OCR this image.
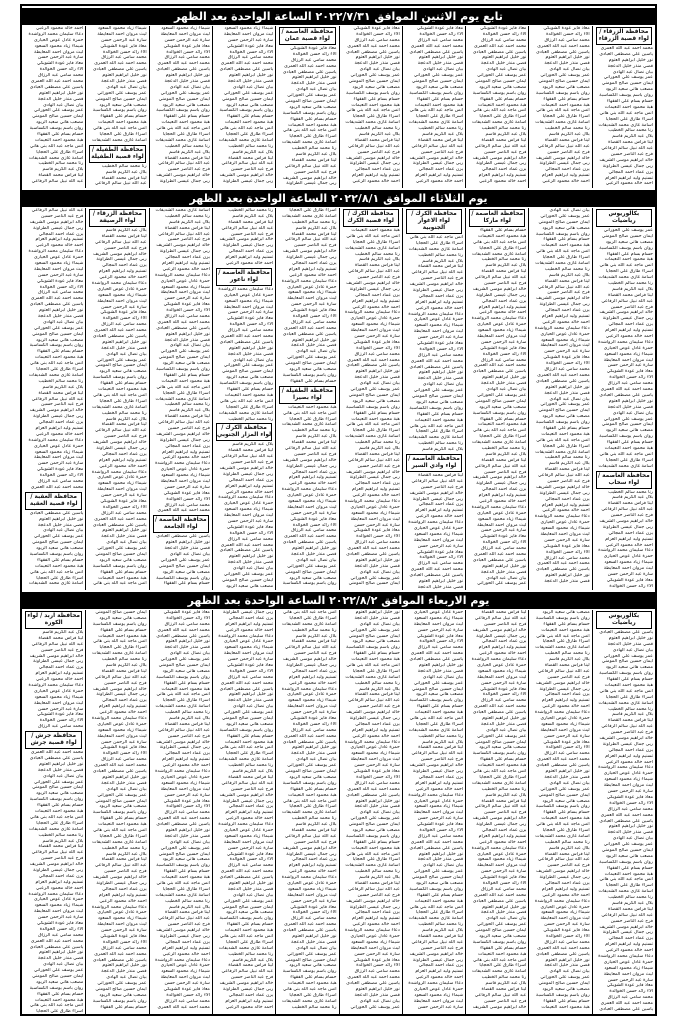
تابع يوم الاثنين الموافق ٢٠٢٢/٧/٣١ الساعة الواحدة بعد الظهر
محافظة الزرقاء / لواء قصبة الزرقاء
محمد احمد عبد الله العمري
ياسين علي مصطفى العبادي
نور خليل ابراهيم العتوم
قصي منذر خليل الدعجة
بيان نضال عبد الهادي
عمر يوسف علي الحوراني
ايمان حسين صالح المومني
مصعب هاني سعيد الزيود
روان باسم يوسف الكساسبة
حسام بسام علي الفقهاء
هبة محمود احمد النعيمات
انس ماجد عبد الله بني هاني
اسراء طارق علي الحجايا
اسامة غازي محمد الشديفات
رنا محمد سالم الخطيب
بلال عبد الكريم قاسم
لينا فراس محمد القضاة
عبد الله نبيل سالم الرفاعي
فرح عبد الناصر حسين
خالد ابراهيم موسى الشريف
ربى جمال عيسى الطراونة
يزن عماد احمد المجالي
تسنيم وليد ابراهيم العزام
احمد خالد محمود الزعبي
معاذ فايز عودة الشوبكي
آلاء رائد حسن الخوالدة
محمد سامي عبد الرزاق
محمد احمد عبد الله العمري
ياسين علي مصطفى العبادي
نور خليل ابراهيم العتوم
قصي منذر خليل الدعجة
بيان نضال عبد الهادي
عمر يوسف علي الحوراني
ايمان حسين صالح المومني
مصعب هاني سعيد الزيود
روان باسم يوسف الكساسبة
حسام بسام علي الفقهاء
هبة محمود احمد النعيمات
انس ماجد عبد الله بني هاني
اسراء طارق علي الحجايا
اسامة غازي محمد الشديفات
رنا محمد سالم الخطيب
بلال عبد الكريم قاسم
لينا فراس محمد القضاة
عبد الله نبيل سالم الرفاعي
فرح عبد الناصر حسين
خالد ابراهيم موسى الشريف
ربى جمال عيسى الطراونة
يزن عماد احمد المجالي
تسنيم وليد ابراهيم العزام
احمد خالد محمود الزعبي
معاذ فايز عودة الشوبكي
آلاء رائد حسن الخوالدة
محمد سامي عبد الرزاق
محمد احمد عبد الله العمري
ياسين علي مصطفى العبادي
نور خليل ابراهيم العتوم
قصي منذر خليل الدعجة
بيان نضال عبد الهادي
عمر يوسف علي الحوراني
ايمان حسين صالح المومني
مصعب هاني سعيد الزيود
روان باسم يوسف الكساسبة
حسام بسام علي الفقهاء
هبة محمود احمد النعيمات
انس ماجد عبد الله بني هاني
اسراء طارق علي الحجايا
اسامة غازي محمد الشديفات
رنا محمد سالم الخطيب
بلال عبد الكريم قاسم
لينا فراس محمد القضاة
عبد الله نبيل سالم الرفاعي
فرح عبد الناصر حسين
خالد ابراهيم موسى الشريف
ربى جمال عيسى الطراونة
يزن عماد احمد المجالي
تسنيم وليد ابراهيم العزام
احمد خالد محمود الزعبي
معاذ فايز عودة الشوبكي
آلاء رائد حسن الخوالدة
محمد سامي عبد الرزاق
محمد احمد عبد الله العمري
ياسين علي مصطفى العبادي
نور خليل ابراهيم العتوم
قصي منذر خليل الدعجة
بيان نضال عبد الهادي
عمر يوسف علي الحوراني
ايمان حسين صالح المومني
مصعب هاني سعيد الزيود
روان باسم يوسف الكساسبة
حسام بسام علي الفقهاء
هبة محمود احمد النعيمات
انس ماجد عبد الله بني هاني
اسراء طارق علي الحجايا
اسامة غازي محمد الشديفات
رنا محمد سالم الخطيب
بلال عبد الكريم قاسم
لينا فراس محمد القضاة
عبد الله نبيل سالم الرفاعي
فرح عبد الناصر حسين
خالد ابراهيم موسى الشريف
ربى جمال عيسى الطراونة
يزن عماد احمد المجالي
تسنيم وليد ابراهيم العزام
احمد خالد محمود الزعبي
معاذ فايز عودة الشوبكي
آلاء رائد حسن الخوالدة
محمد سامي عبد الرزاق
محمد احمد عبد الله العمري
ياسين علي مصطفى العبادي
نور خليل ابراهيم العتوم
قصي منذر خليل الدعجة
بيان نضال عبد الهادي
عمر يوسف علي الحوراني
ايمان حسين صالح المومني
مصعب هاني سعيد الزيود
روان باسم يوسف الكساسبة
حسام بسام علي الفقهاء
هبة محمود احمد النعيمات
انس ماجد عبد الله بني هاني
اسراء طارق علي الحجايا
اسامة غازي محمد الشديفات
رنا محمد سالم الخطيب
بلال عبد الكريم قاسم
لينا فراس محمد القضاة
عبد الله نبيل سالم الرفاعي
فرح عبد الناصر حسين
خالد ابراهيم موسى الشريف
ربى جمال عيسى الطراونة
يزن عماد احمد المجالي
تسنيم وليد ابراهيم العزام
احمد خالد محمود الزعبي
محافظة العاصمة / لواء قصبة عمان
معاذ فايز عودة الشوبكي
آلاء رائد حسن الخوالدة
محمد سامي عبد الرزاق
محمد احمد عبد الله العمري
ياسين علي مصطفى العبادي
نور خليل ابراهيم العتوم
قصي منذر خليل الدعجة
بيان نضال عبد الهادي
عمر يوسف علي الحوراني
ايمان حسين صالح المومني
مصعب هاني سعيد الزيود
روان باسم يوسف الكساسبة
حسام بسام علي الفقهاء
هبة محمود احمد النعيمات
انس ماجد عبد الله بني هاني
اسراء طارق علي الحجايا
اسامة غازي محمد الشديفات
رنا محمد سالم الخطيب
بلال عبد الكريم قاسم
لينا فراس محمد القضاة
عبد الله نبيل سالم الرفاعي
فرح عبد الناصر حسين
خالد ابراهيم موسى الشريف
ربى جمال عيسى الطراونة
شيماء زياد محمود السعود
ليث مروان احمد المعايطة
سارة عبد الرحمن حسن
معاذ فايز عودة الشوبكي
آلاء رائد حسن الخوالدة
محمد سامي عبد الرزاق
محمد احمد عبد الله العمري
ياسين علي مصطفى العبادي
نور خليل ابراهيم العتوم
قصي منذر خليل الدعجة
بيان نضال عبد الهادي
عمر يوسف علي الحوراني
ايمان حسين صالح المومني
مصعب هاني سعيد الزيود
روان باسم يوسف الكساسبة
حسام بسام علي الفقهاء
هبة محمود احمد النعيمات
انس ماجد عبد الله بني هاني
اسراء طارق علي الحجايا
اسامة غازي محمد الشديفات
رنا محمد سالم الخطيب
بلال عبد الكريم قاسم
لينا فراس محمد القضاة
عبد الله نبيل سالم الرفاعي
فرح عبد الناصر حسين
خالد ابراهيم موسى الشريف
ربى جمال عيسى الطراونة
شيماء زياد محمود السعود
ليث مروان احمد المعايطة
سارة عبد الرحمن حسن
معاذ فايز عودة الشوبكي
آلاء رائد حسن الخوالدة
محمد سامي عبد الرزاق
محمد احمد عبد الله العمري
ياسين علي مصطفى العبادي
نور خليل ابراهيم العتوم
قصي منذر خليل الدعجة
بيان نضال عبد الهادي
عمر يوسف علي الحوراني
ايمان حسين صالح المومني
مصعب هاني سعيد الزيود
روان باسم يوسف الكساسبة
حسام بسام علي الفقهاء
هبة محمود احمد النعيمات
انس ماجد عبد الله بني هاني
اسراء طارق علي الحجايا
اسامة غازي محمد الشديفات
رنا محمد سالم الخطيب
بلال عبد الكريم قاسم
لينا فراس محمد القضاة
عبد الله نبيل سالم الرفاعي
فرح عبد الناصر حسين
خالد ابراهيم موسى الشريف
ربى جمال عيسى الطراونة
شيماء زياد محمود السعود
ليث مروان احمد المعايطة
سارة عبد الرحمن حسن
معاذ فايز عودة الشوبكي
آلاء رائد حسن الخوالدة
محمد سامي عبد الرزاق
محمد احمد عبد الله العمري
ياسين علي مصطفى العبادي
نور خليل ابراهيم العتوم
قصي منذر خليل الدعجة
بيان نضال عبد الهادي
عمر يوسف علي الحوراني
ايمان حسين صالح المومني
مصعب هاني سعيد الزيود
روان باسم يوسف الكساسبة
حسام بسام علي الفقهاء
هبة محمود احمد النعيمات
انس ماجد عبد الله بني هاني
اسراء طارق علي الحجايا
اسامة غازي محمد الشديفات
محافظة الطفيلة / لواء قصبة الطفيلة
رنا محمد سالم الخطيب
بلال عبد الكريم قاسم
لينا فراس محمد القضاة
عبد الله نبيل سالم الرفاعي
احمد خالد محمود الزعبي
دعاء سليمان محمد الرواشدة
حمزة عادل عوض الحياري
شيماء زياد محمود السعود
ليث مروان احمد المعايطة
سارة عبد الرحمن حسن
معاذ فايز عودة الشوبكي
آلاء رائد حسن الخوالدة
محمد سامي عبد الرزاق
محمد احمد عبد الله العمري
ياسين علي مصطفى العبادي
نور خليل ابراهيم العتوم
قصي منذر خليل الدعجة
بيان نضال عبد الهادي
عمر يوسف علي الحوراني
ايمان حسين صالح المومني
مصعب هاني سعيد الزيود
روان باسم يوسف الكساسبة
حسام بسام علي الفقهاء
هبة محمود احمد النعيمات
انس ماجد عبد الله بني هاني
اسراء طارق علي الحجايا
اسامة غازي محمد الشديفات
رنا محمد سالم الخطيب
بلال عبد الكريم قاسم
لينا فراس محمد القضاة
عبد الله نبيل سالم الرفاعي
يوم الثلاثاء الموافق ٢٠٢٢/٨/١ الساعة الواحدة بعد الظهر
بكالوريوس رياضيات
عمر يوسف علي الحوراني
ايمان حسين صالح المومني
مصعب هاني سعيد الزيود
روان باسم يوسف الكساسبة
حسام بسام علي الفقهاء
هبة محمود احمد النعيمات
انس ماجد عبد الله بني هاني
اسراء طارق علي الحجايا
اسامة غازي محمد الشديفات
رنا محمد سالم الخطيب
بلال عبد الكريم قاسم
لينا فراس محمد القضاة
عبد الله نبيل سالم الرفاعي
فرح عبد الناصر حسين
خالد ابراهيم موسى الشريف
ربى جمال عيسى الطراونة
يزن عماد احمد المجالي
تسنيم وليد ابراهيم العزام
احمد خالد محمود الزعبي
دعاء سليمان محمد الرواشدة
حمزة عادل عوض الحياري
شيماء زياد محمود السعود
ليث مروان احمد المعايطة
سارة عبد الرحمن حسن
معاذ فايز عودة الشوبكي
آلاء رائد حسن الخوالدة
محمد سامي عبد الرزاق
محمد احمد عبد الله العمري
ياسين علي مصطفى العبادي
نور خليل ابراهيم العتوم
قصي منذر خليل الدعجة
بيان نضال عبد الهادي
عمر يوسف علي الحوراني
ايمان حسين صالح المومني
مصعب هاني سعيد الزيود
روان باسم يوسف الكساسبة
حسام بسام علي الفقهاء
هبة محمود احمد النعيمات
انس ماجد عبد الله بني هاني
اسراء طارق علي الحجايا
اسامة غازي محمد الشديفات
محافظة العاصمة / لواء سحاب
رنا محمد سالم الخطيب
بلال عبد الكريم قاسم
لينا فراس محمد القضاة
عبد الله نبيل سالم الرفاعي
فرح عبد الناصر حسين
خالد ابراهيم موسى الشريف
ربى جمال عيسى الطراونة
يزن عماد احمد المجالي
تسنيم وليد ابراهيم العزام
احمد خالد محمود الزعبي
دعاء سليمان محمد الرواشدة
حمزة عادل عوض الحياري
شيماء زياد محمود السعود
ليث مروان احمد المعايطة
سارة عبد الرحمن حسن
معاذ فايز عودة الشوبكي
آلاء رائد حسن الخوالدة
بيان نضال عبد الهادي
عمر يوسف علي الحوراني
ايمان حسين صالح المومني
مصعب هاني سعيد الزيود
روان باسم يوسف الكساسبة
حسام بسام علي الفقهاء
هبة محمود احمد النعيمات
انس ماجد عبد الله بني هاني
اسراء طارق علي الحجايا
اسامة غازي محمد الشديفات
رنا محمد سالم الخطيب
بلال عبد الكريم قاسم
لينا فراس محمد القضاة
عبد الله نبيل سالم الرفاعي
فرح عبد الناصر حسين
خالد ابراهيم موسى الشريف
ربى جمال عيسى الطراونة
يزن عماد احمد المجالي
تسنيم وليد ابراهيم العزام
احمد خالد محمود الزعبي
دعاء سليمان محمد الرواشدة
حمزة عادل عوض الحياري
شيماء زياد محمود السعود
ليث مروان احمد المعايطة
سارة عبد الرحمن حسن
معاذ فايز عودة الشوبكي
آلاء رائد حسن الخوالدة
محمد سامي عبد الرزاق
محمد احمد عبد الله العمري
ياسين علي مصطفى العبادي
نور خليل ابراهيم العتوم
قصي منذر خليل الدعجة
بيان نضال عبد الهادي
عمر يوسف علي الحوراني
ايمان حسين صالح المومني
مصعب هاني سعيد الزيود
روان باسم يوسف الكساسبة
حسام بسام علي الفقهاء
هبة محمود احمد النعيمات
انس ماجد عبد الله بني هاني
اسراء طارق علي الحجايا
اسامة غازي محمد الشديفات
رنا محمد سالم الخطيب
بلال عبد الكريم قاسم
لينا فراس محمد القضاة
عبد الله نبيل سالم الرفاعي
فرح عبد الناصر حسين
خالد ابراهيم موسى الشريف
ربى جمال عيسى الطراونة
يزن عماد احمد المجالي
تسنيم وليد ابراهيم العزام
احمد خالد محمود الزعبي
دعاء سليمان محمد الرواشدة
حمزة عادل عوض الحياري
شيماء زياد محمود السعود
ليث مروان احمد المعايطة
سارة عبد الرحمن حسن
معاذ فايز عودة الشوبكي
آلاء رائد حسن الخوالدة
محمد سامي عبد الرزاق
محمد احمد عبد الله العمري
ياسين علي مصطفى العبادي
نور خليل ابراهيم العتوم
قصي منذر خليل الدعجة
محافظة العاصمة / لواء ماركا
حسام بسام علي الفقهاء
هبة محمود احمد النعيمات
انس ماجد عبد الله بني هاني
اسراء طارق علي الحجايا
اسامة غازي محمد الشديفات
رنا محمد سالم الخطيب
بلال عبد الكريم قاسم
لينا فراس محمد القضاة
عبد الله نبيل سالم الرفاعي
فرح عبد الناصر حسين
خالد ابراهيم موسى الشريف
ربى جمال عيسى الطراونة
يزن عماد احمد المجالي
تسنيم وليد ابراهيم العزام
احمد خالد محمود الزعبي
دعاء سليمان محمد الرواشدة
حمزة عادل عوض الحياري
شيماء زياد محمود السعود
ليث مروان احمد المعايطة
سارة عبد الرحمن حسن
معاذ فايز عودة الشوبكي
آلاء رائد حسن الخوالدة
محمد سامي عبد الرزاق
محمد احمد عبد الله العمري
ياسين علي مصطفى العبادي
نور خليل ابراهيم العتوم
قصي منذر خليل الدعجة
بيان نضال عبد الهادي
عمر يوسف علي الحوراني
ايمان حسين صالح المومني
مصعب هاني سعيد الزيود
روان باسم يوسف الكساسبة
حسام بسام علي الفقهاء
هبة محمود احمد النعيمات
انس ماجد عبد الله بني هاني
اسراء طارق علي الحجايا
اسامة غازي محمد الشديفات
رنا محمد سالم الخطيب
بلال عبد الكريم قاسم
لينا فراس محمد القضاة
عبد الله نبيل سالم الرفاعي
فرح عبد الناصر حسين
خالد ابراهيم موسى الشريف
ربى جمال عيسى الطراونة
يزن عماد احمد المجالي
تسنيم وليد ابراهيم العزام
احمد خالد محمود الزعبي
دعاء سليمان محمد الرواشدة
حمزة عادل عوض الحياري
شيماء زياد محمود السعود
ليث مروان احمد المعايطة
سارة عبد الرحمن حسن
معاذ فايز عودة الشوبكي
آلاء رائد حسن الخوالدة
محمد سامي عبد الرزاق
محمد احمد عبد الله العمري
ياسين علي مصطفى العبادي
نور خليل ابراهيم العتوم
قصي منذر خليل الدعجة
بيان نضال عبد الهادي
عمر يوسف علي الحوراني
محافظة الكرك / لواء الاغوار الجنوبية
انس ماجد عبد الله بني هاني
اسراء طارق علي الحجايا
اسامة غازي محمد الشديفات
رنا محمد سالم الخطيب
بلال عبد الكريم قاسم
لينا فراس محمد القضاة
عبد الله نبيل سالم الرفاعي
فرح عبد الناصر حسين
خالد ابراهيم موسى الشريف
ربى جمال عيسى الطراونة
يزن عماد احمد المجالي
تسنيم وليد ابراهيم العزام
احمد خالد محمود الزعبي
دعاء سليمان محمد الرواشدة
حمزة عادل عوض الحياري
شيماء زياد محمود السعود
ليث مروان احمد المعايطة
سارة عبد الرحمن حسن
معاذ فايز عودة الشوبكي
آلاء رائد حسن الخوالدة
محمد سامي عبد الرزاق
محمد احمد عبد الله العمري
ياسين علي مصطفى العبادي
نور خليل ابراهيم العتوم
قصي منذر خليل الدعجة
بيان نضال عبد الهادي
عمر يوسف علي الحوراني
ايمان حسين صالح المومني
مصعب هاني سعيد الزيود
روان باسم يوسف الكساسبة
حسام بسام علي الفقهاء
هبة محمود احمد النعيمات
انس ماجد عبد الله بني هاني
اسراء طارق علي الحجايا
اسامة غازي محمد الشديفات
رنا محمد سالم الخطيب
بلال عبد الكريم قاسم
محافظة العاصمة / لواء وادي السير
لينا فراس محمد القضاة
عبد الله نبيل سالم الرفاعي
فرح عبد الناصر حسين
خالد ابراهيم موسى الشريف
ربى جمال عيسى الطراونة
يزن عماد احمد المجالي
تسنيم وليد ابراهيم العزام
احمد خالد محمود الزعبي
دعاء سليمان محمد الرواشدة
حمزة عادل عوض الحياري
شيماء زياد محمود السعود
ليث مروان احمد المعايطة
سارة عبد الرحمن حسن
معاذ فايز عودة الشوبكي
آلاء رائد حسن الخوالدة
محمد سامي عبد الرزاق
محمد احمد عبد الله العمري
ياسين علي مصطفى العبادي
نور خليل ابراهيم العتوم
قصي منذر خليل الدعجة
محافظة الكرك / لواء قصبة الكرك
هبة محمود احمد النعيمات
انس ماجد عبد الله بني هاني
اسراء طارق علي الحجايا
اسامة غازي محمد الشديفات
رنا محمد سالم الخطيب
بلال عبد الكريم قاسم
لينا فراس محمد القضاة
عبد الله نبيل سالم الرفاعي
فرح عبد الناصر حسين
خالد ابراهيم موسى الشريف
ربى جمال عيسى الطراونة
يزن عماد احمد المجالي
تسنيم وليد ابراهيم العزام
احمد خالد محمود الزعبي
دعاء سليمان محمد الرواشدة
حمزة عادل عوض الحياري
شيماء زياد محمود السعود
ليث مروان احمد المعايطة
سارة عبد الرحمن حسن
معاذ فايز عودة الشوبكي
آلاء رائد حسن الخوالدة
محمد سامي عبد الرزاق
محمد احمد عبد الله العمري
ياسين علي مصطفى العبادي
نور خليل ابراهيم العتوم
قصي منذر خليل الدعجة
بيان نضال عبد الهادي
عمر يوسف علي الحوراني
ايمان حسين صالح المومني
مصعب هاني سعيد الزيود
روان باسم يوسف الكساسبة
حسام بسام علي الفقهاء
هبة محمود احمد النعيمات
انس ماجد عبد الله بني هاني
اسراء طارق علي الحجايا
اسامة غازي محمد الشديفات
رنا محمد سالم الخطيب
بلال عبد الكريم قاسم
لينا فراس محمد القضاة
عبد الله نبيل سالم الرفاعي
فرح عبد الناصر حسين
خالد ابراهيم موسى الشريف
ربى جمال عيسى الطراونة
يزن عماد احمد المجالي
تسنيم وليد ابراهيم العزام
احمد خالد محمود الزعبي
دعاء سليمان محمد الرواشدة
حمزة عادل عوض الحياري
شيماء زياد محمود السعود
ليث مروان احمد المعايطة
سارة عبد الرحمن حسن
معاذ فايز عودة الشوبكي
آلاء رائد حسن الخوالدة
محمد سامي عبد الرزاق
محمد احمد عبد الله العمري
ياسين علي مصطفى العبادي
نور خليل ابراهيم العتوم
قصي منذر خليل الدعجة
بيان نضال عبد الهادي
عمر يوسف علي الحوراني
ايمان حسين صالح المومني
اسراء طارق علي الحجايا
اسامة غازي محمد الشديفات
رنا محمد سالم الخطيب
بلال عبد الكريم قاسم
لينا فراس محمد القضاة
عبد الله نبيل سالم الرفاعي
فرح عبد الناصر حسين
خالد ابراهيم موسى الشريف
ربى جمال عيسى الطراونة
يزن عماد احمد المجالي
تسنيم وليد ابراهيم العزام
احمد خالد محمود الزعبي
دعاء سليمان محمد الرواشدة
حمزة عادل عوض الحياري
شيماء زياد محمود السعود
ليث مروان احمد المعايطة
سارة عبد الرحمن حسن
معاذ فايز عودة الشوبكي
آلاء رائد حسن الخوالدة
محمد سامي عبد الرزاق
محمد احمد عبد الله العمري
ياسين علي مصطفى العبادي
نور خليل ابراهيم العتوم
قصي منذر خليل الدعجة
بيان نضال عبد الهادي
عمر يوسف علي الحوراني
ايمان حسين صالح المومني
مصعب هاني سعيد الزيود
روان باسم يوسف الكساسبة
حسام بسام علي الفقهاء
محافظة الطفيلة / لواء بصيرا
هبة محمود احمد النعيمات
انس ماجد عبد الله بني هاني
اسراء طارق علي الحجايا
اسامة غازي محمد الشديفات
رنا محمد سالم الخطيب
بلال عبد الكريم قاسم
لينا فراس محمد القضاة
عبد الله نبيل سالم الرفاعي
فرح عبد الناصر حسين
خالد ابراهيم موسى الشريف
ربى جمال عيسى الطراونة
يزن عماد احمد المجالي
تسنيم وليد ابراهيم العزام
احمد خالد محمود الزعبي
دعاء سليمان محمد الرواشدة
حمزة عادل عوض الحياري
شيماء زياد محمود السعود
ليث مروان احمد المعايطة
سارة عبد الرحمن حسن
معاذ فايز عودة الشوبكي
آلاء رائد حسن الخوالدة
محمد سامي عبد الرزاق
محمد احمد عبد الله العمري
ياسين علي مصطفى العبادي
نور خليل ابراهيم العتوم
قصي منذر خليل الدعجة
بيان نضال عبد الهادي
عمر يوسف علي الحوراني
ايمان حسين صالح المومني
مصعب هاني سعيد الزيود
روان باسم يوسف الكساسبة
رنا محمد سالم الخطيب
بلال عبد الكريم قاسم
لينا فراس محمد القضاة
عبد الله نبيل سالم الرفاعي
فرح عبد الناصر حسين
خالد ابراهيم موسى الشريف
ربى جمال عيسى الطراونة
يزن عماد احمد المجالي
تسنيم وليد ابراهيم العزام
احمد خالد محمود الزعبي
محافظة العاصمة / لواء ناعور
دعاء سليمان محمد الرواشدة
حمزة عادل عوض الحياري
شيماء زياد محمود السعود
ليث مروان احمد المعايطة
سارة عبد الرحمن حسن
معاذ فايز عودة الشوبكي
آلاء رائد حسن الخوالدة
محمد سامي عبد الرزاق
محمد احمد عبد الله العمري
ياسين علي مصطفى العبادي
نور خليل ابراهيم العتوم
قصي منذر خليل الدعجة
بيان نضال عبد الهادي
عمر يوسف علي الحوراني
ايمان حسين صالح المومني
مصعب هاني سعيد الزيود
روان باسم يوسف الكساسبة
حسام بسام علي الفقهاء
هبة محمود احمد النعيمات
انس ماجد عبد الله بني هاني
اسراء طارق علي الحجايا
اسامة غازي محمد الشديفات
رنا محمد سالم الخطيب
محافظة الكرك / لواء المزار الجنوبي
بلال عبد الكريم قاسم
لينا فراس محمد القضاة
عبد الله نبيل سالم الرفاعي
فرح عبد الناصر حسين
خالد ابراهيم موسى الشريف
ربى جمال عيسى الطراونة
يزن عماد احمد المجالي
تسنيم وليد ابراهيم العزام
احمد خالد محمود الزعبي
دعاء سليمان محمد الرواشدة
حمزة عادل عوض الحياري
شيماء زياد محمود السعود
ليث مروان احمد المعايطة
سارة عبد الرحمن حسن
معاذ فايز عودة الشوبكي
آلاء رائد حسن الخوالدة
محمد سامي عبد الرزاق
محمد احمد عبد الله العمري
ياسين علي مصطفى العبادي
نور خليل ابراهيم العتوم
قصي منذر خليل الدعجة
بيان نضال عبد الهادي
عمر يوسف علي الحوراني
ايمان حسين صالح المومني
مصعب هاني سعيد الزيود
اسامة غازي محمد الشديفات
رنا محمد سالم الخطيب
بلال عبد الكريم قاسم
لينا فراس محمد القضاة
عبد الله نبيل سالم الرفاعي
فرح عبد الناصر حسين
خالد ابراهيم موسى الشريف
ربى جمال عيسى الطراونة
يزن عماد احمد المجالي
تسنيم وليد ابراهيم العزام
احمد خالد محمود الزعبي
دعاء سليمان محمد الرواشدة
حمزة عادل عوض الحياري
شيماء زياد محمود السعود
ليث مروان احمد المعايطة
سارة عبد الرحمن حسن
معاذ فايز عودة الشوبكي
آلاء رائد حسن الخوالدة
محمد سامي عبد الرزاق
محمد احمد عبد الله العمري
ياسين علي مصطفى العبادي
نور خليل ابراهيم العتوم
قصي منذر خليل الدعجة
بيان نضال عبد الهادي
عمر يوسف علي الحوراني
ايمان حسين صالح المومني
مصعب هاني سعيد الزيود
روان باسم يوسف الكساسبة
حسام بسام علي الفقهاء
هبة محمود احمد النعيمات
انس ماجد عبد الله بني هاني
اسراء طارق علي الحجايا
اسامة غازي محمد الشديفات
رنا محمد سالم الخطيب
بلال عبد الكريم قاسم
لينا فراس محمد القضاة
عبد الله نبيل سالم الرفاعي
فرح عبد الناصر حسين
خالد ابراهيم موسى الشريف
ربى جمال عيسى الطراونة
يزن عماد احمد المجالي
تسنيم وليد ابراهيم العزام
احمد خالد محمود الزعبي
دعاء سليمان محمد الرواشدة
حمزة عادل عوض الحياري
شيماء زياد محمود السعود
ليث مروان احمد المعايطة
سارة عبد الرحمن حسن
معاذ فايز عودة الشوبكي
آلاء رائد حسن الخوالدة
محمد سامي عبد الرزاق
محمد احمد عبد الله العمري
محافظة العاصمة / لواء الجامعة
ياسين علي مصطفى العبادي
نور خليل ابراهيم العتوم
قصي منذر خليل الدعجة
بيان نضال عبد الهادي
عمر يوسف علي الحوراني
ايمان حسين صالح المومني
مصعب هاني سعيد الزيود
روان باسم يوسف الكساسبة
حسام بسام علي الفقهاء
محافظة الزرقاء / لواء الرصيفة
بلال عبد الكريم قاسم
لينا فراس محمد القضاة
عبد الله نبيل سالم الرفاعي
فرح عبد الناصر حسين
خالد ابراهيم موسى الشريف
ربى جمال عيسى الطراونة
يزن عماد احمد المجالي
تسنيم وليد ابراهيم العزام
احمد خالد محمود الزعبي
دعاء سليمان محمد الرواشدة
حمزة عادل عوض الحياري
شيماء زياد محمود السعود
ليث مروان احمد المعايطة
سارة عبد الرحمن حسن
معاذ فايز عودة الشوبكي
آلاء رائد حسن الخوالدة
محمد سامي عبد الرزاق
محمد احمد عبد الله العمري
ياسين علي مصطفى العبادي
نور خليل ابراهيم العتوم
قصي منذر خليل الدعجة
بيان نضال عبد الهادي
عمر يوسف علي الحوراني
ايمان حسين صالح المومني
مصعب هاني سعيد الزيود
روان باسم يوسف الكساسبة
حسام بسام علي الفقهاء
هبة محمود احمد النعيمات
انس ماجد عبد الله بني هاني
اسراء طارق علي الحجايا
اسامة غازي محمد الشديفات
رنا محمد سالم الخطيب
بلال عبد الكريم قاسم
لينا فراس محمد القضاة
عبد الله نبيل سالم الرفاعي
فرح عبد الناصر حسين
خالد ابراهيم موسى الشريف
ربى جمال عيسى الطراونة
يزن عماد احمد المجالي
تسنيم وليد ابراهيم العزام
احمد خالد محمود الزعبي
دعاء سليمان محمد الرواشدة
حمزة عادل عوض الحياري
شيماء زياد محمود السعود
ليث مروان احمد المعايطة
سارة عبد الرحمن حسن
معاذ فايز عودة الشوبكي
آلاء رائد حسن الخوالدة
محمد سامي عبد الرزاق
محمد احمد عبد الله العمري
ياسين علي مصطفى العبادي
نور خليل ابراهيم العتوم
قصي منذر خليل الدعجة
بيان نضال عبد الهادي
عمر يوسف علي الحوراني
ايمان حسين صالح المومني
مصعب هاني سعيد الزيود
روان باسم يوسف الكساسبة
حسام بسام علي الفقهاء
هبة محمود احمد النعيمات
انس ماجد عبد الله بني هاني
عبد الله نبيل سالم الرفاعي
فرح عبد الناصر حسين
خالد ابراهيم موسى الشريف
ربى جمال عيسى الطراونة
يزن عماد احمد المجالي
تسنيم وليد ابراهيم العزام
احمد خالد محمود الزعبي
دعاء سليمان محمد الرواشدة
حمزة عادل عوض الحياري
شيماء زياد محمود السعود
ليث مروان احمد المعايطة
سارة عبد الرحمن حسن
معاذ فايز عودة الشوبكي
آلاء رائد حسن الخوالدة
محمد سامي عبد الرزاق
محمد احمد عبد الله العمري
ياسين علي مصطفى العبادي
نور خليل ابراهيم العتوم
قصي منذر خليل الدعجة
بيان نضال عبد الهادي
عمر يوسف علي الحوراني
ايمان حسين صالح المومني
مصعب هاني سعيد الزيود
روان باسم يوسف الكساسبة
حسام بسام علي الفقهاء
هبة محمود احمد النعيمات
انس ماجد عبد الله بني هاني
اسراء طارق علي الحجايا
اسامة غازي محمد الشديفات
رنا محمد سالم الخطيب
بلال عبد الكريم قاسم
لينا فراس محمد القضاة
عبد الله نبيل سالم الرفاعي
فرح عبد الناصر حسين
خالد ابراهيم موسى الشريف
ربى جمال عيسى الطراونة
يزن عماد احمد المجالي
تسنيم وليد ابراهيم العزام
احمد خالد محمود الزعبي
دعاء سليمان محمد الرواشدة
حمزة عادل عوض الحياري
شيماء زياد محمود السعود
ليث مروان احمد المعايطة
سارة عبد الرحمن حسن
معاذ فايز عودة الشوبكي
آلاء رائد حسن الخوالدة
محمد سامي عبد الرزاق
محمد احمد عبد الله العمري
محافظة العقبة / لواء قصبة العقبة
ياسين علي مصطفى العبادي
نور خليل ابراهيم العتوم
قصي منذر خليل الدعجة
بيان نضال عبد الهادي
عمر يوسف علي الحوراني
ايمان حسين صالح المومني
مصعب هاني سعيد الزيود
روان باسم يوسف الكساسبة
حسام بسام علي الفقهاء
هبة محمود احمد النعيمات
انس ماجد عبد الله بني هاني
اسراء طارق علي الحجايا
اسامة غازي محمد الشديفات
يوم الاربعاء الموافق ٢٠٢٢/٨/٢ الساعة الواحدة بعد الظهر
بكالوريوس رياضيات
ياسين علي مصطفى العبادي
نور خليل ابراهيم العتوم
قصي منذر خليل الدعجة
بيان نضال عبد الهادي
عمر يوسف علي الحوراني
ايمان حسين صالح المومني
مصعب هاني سعيد الزيود
روان باسم يوسف الكساسبة
حسام بسام علي الفقهاء
هبة محمود احمد النعيمات
انس ماجد عبد الله بني هاني
اسراء طارق علي الحجايا
اسامة غازي محمد الشديفات
رنا محمد سالم الخطيب
بلال عبد الكريم قاسم
لينا فراس محمد القضاة
عبد الله نبيل سالم الرفاعي
فرح عبد الناصر حسين
خالد ابراهيم موسى الشريف
ربى جمال عيسى الطراونة
يزن عماد احمد المجالي
تسنيم وليد ابراهيم العزام
احمد خالد محمود الزعبي
دعاء سليمان محمد الرواشدة
حمزة عادل عوض الحياري
شيماء زياد محمود السعود
ليث مروان احمد المعايطة
سارة عبد الرحمن حسن
معاذ فايز عودة الشوبكي
آلاء رائد حسن الخوالدة
محمد سامي عبد الرزاق
محمد احمد عبد الله العمري
ياسين علي مصطفى العبادي
نور خليل ابراهيم العتوم
قصي منذر خليل الدعجة
بيان نضال عبد الهادي
عمر يوسف علي الحوراني
ايمان حسين صالح المومني
مصعب هاني سعيد الزيود
روان باسم يوسف الكساسبة
حسام بسام علي الفقهاء
هبة محمود احمد النعيمات
انس ماجد عبد الله بني هاني
اسراء طارق علي الحجايا
اسامة غازي محمد الشديفات
رنا محمد سالم الخطيب
بلال عبد الكريم قاسم
لينا فراس محمد القضاة
عبد الله نبيل سالم الرفاعي
فرح عبد الناصر حسين
خالد ابراهيم موسى الشريف
ربى جمال عيسى الطراونة
يزن عماد احمد المجالي
تسنيم وليد ابراهيم العزام
احمد خالد محمود الزعبي
دعاء سليمان محمد الرواشدة
حمزة عادل عوض الحياري
شيماء زياد محمود السعود
ليث مروان احمد المعايطة
سارة عبد الرحمن حسن
معاذ فايز عودة الشوبكي
آلاء رائد حسن الخوالدة
محمد سامي عبد الرزاق
محمد احمد عبد الله العمري
ياسين علي مصطفى العبادي
مصعب هاني سعيد الزيود
روان باسم يوسف الكساسبة
حسام بسام علي الفقهاء
هبة محمود احمد النعيمات
انس ماجد عبد الله بني هاني
اسراء طارق علي الحجايا
اسامة غازي محمد الشديفات
رنا محمد سالم الخطيب
بلال عبد الكريم قاسم
لينا فراس محمد القضاة
عبد الله نبيل سالم الرفاعي
فرح عبد الناصر حسين
خالد ابراهيم موسى الشريف
ربى جمال عيسى الطراونة
يزن عماد احمد المجالي
تسنيم وليد ابراهيم العزام
احمد خالد محمود الزعبي
دعاء سليمان محمد الرواشدة
حمزة عادل عوض الحياري
شيماء زياد محمود السعود
ليث مروان احمد المعايطة
سارة عبد الرحمن حسن
معاذ فايز عودة الشوبكي
آلاء رائد حسن الخوالدة
محمد سامي عبد الرزاق
محمد احمد عبد الله العمري
ياسين علي مصطفى العبادي
نور خليل ابراهيم العتوم
قصي منذر خليل الدعجة
بيان نضال عبد الهادي
عمر يوسف علي الحوراني
ايمان حسين صالح المومني
مصعب هاني سعيد الزيود
روان باسم يوسف الكساسبة
حسام بسام علي الفقهاء
هبة محمود احمد النعيمات
انس ماجد عبد الله بني هاني
اسراء طارق علي الحجايا
اسامة غازي محمد الشديفات
رنا محمد سالم الخطيب
بلال عبد الكريم قاسم
لينا فراس محمد القضاة
عبد الله نبيل سالم الرفاعي
فرح عبد الناصر حسين
خالد ابراهيم موسى الشريف
ربى جمال عيسى الطراونة
يزن عماد احمد المجالي
تسنيم وليد ابراهيم العزام
احمد خالد محمود الزعبي
دعاء سليمان محمد الرواشدة
حمزة عادل عوض الحياري
شيماء زياد محمود السعود
ليث مروان احمد المعايطة
سارة عبد الرحمن حسن
معاذ فايز عودة الشوبكي
آلاء رائد حسن الخوالدة
محمد سامي عبد الرزاق
محمد احمد عبد الله العمري
ياسين علي مصطفى العبادي
نور خليل ابراهيم العتوم
قصي منذر خليل الدعجة
بيان نضال عبد الهادي
عمر يوسف علي الحوراني
ايمان حسين صالح المومني
مصعب هاني سعيد الزيود
روان باسم يوسف الكساسبة
حسام بسام علي الفقهاء
هبة محمود احمد النعيمات
لينا فراس محمد القضاة
عبد الله نبيل سالم الرفاعي
فرح عبد الناصر حسين
خالد ابراهيم موسى الشريف
ربى جمال عيسى الطراونة
يزن عماد احمد المجالي
تسنيم وليد ابراهيم العزام
احمد خالد محمود الزعبي
دعاء سليمان محمد الرواشدة
حمزة عادل عوض الحياري
شيماء زياد محمود السعود
ليث مروان احمد المعايطة
سارة عبد الرحمن حسن
معاذ فايز عودة الشوبكي
آلاء رائد حسن الخوالدة
محمد سامي عبد الرزاق
محمد احمد عبد الله العمري
ياسين علي مصطفى العبادي
نور خليل ابراهيم العتوم
قصي منذر خليل الدعجة
بيان نضال عبد الهادي
عمر يوسف علي الحوراني
ايمان حسين صالح المومني
مصعب هاني سعيد الزيود
روان باسم يوسف الكساسبة
حسام بسام علي الفقهاء
هبة محمود احمد النعيمات
انس ماجد عبد الله بني هاني
اسراء طارق علي الحجايا
اسامة غازي محمد الشديفات
رنا محمد سالم الخطيب
بلال عبد الكريم قاسم
لينا فراس محمد القضاة
عبد الله نبيل سالم الرفاعي
فرح عبد الناصر حسين
خالد ابراهيم موسى الشريف
ربى جمال عيسى الطراونة
يزن عماد احمد المجالي
تسنيم وليد ابراهيم العزام
احمد خالد محمود الزعبي
دعاء سليمان محمد الرواشدة
حمزة عادل عوض الحياري
شيماء زياد محمود السعود
ليث مروان احمد المعايطة
سارة عبد الرحمن حسن
معاذ فايز عودة الشوبكي
آلاء رائد حسن الخوالدة
محمد سامي عبد الرزاق
محمد احمد عبد الله العمري
ياسين علي مصطفى العبادي
نور خليل ابراهيم العتوم
قصي منذر خليل الدعجة
بيان نضال عبد الهادي
عمر يوسف علي الحوراني
ايمان حسين صالح المومني
مصعب هاني سعيد الزيود
روان باسم يوسف الكساسبة
حسام بسام علي الفقهاء
هبة محمود احمد النعيمات
انس ماجد عبد الله بني هاني
اسراء طارق علي الحجايا
اسامة غازي محمد الشديفات
رنا محمد سالم الخطيب
بلال عبد الكريم قاسم
لينا فراس محمد القضاة
عبد الله نبيل سالم الرفاعي
فرح عبد الناصر حسين
خالد ابراهيم موسى الشريف
حمزة عادل عوض الحياري
شيماء زياد محمود السعود
ليث مروان احمد المعايطة
سارة عبد الرحمن حسن
معاذ فايز عودة الشوبكي
آلاء رائد حسن الخوالدة
محمد سامي عبد الرزاق
محمد احمد عبد الله العمري
ياسين علي مصطفى العبادي
نور خليل ابراهيم العتوم
قصي منذر خليل الدعجة
بيان نضال عبد الهادي
عمر يوسف علي الحوراني
ايمان حسين صالح المومني
مصعب هاني سعيد الزيود
روان باسم يوسف الكساسبة
حسام بسام علي الفقهاء
هبة محمود احمد النعيمات
انس ماجد عبد الله بني هاني
اسراء طارق علي الحجايا
اسامة غازي محمد الشديفات
رنا محمد سالم الخطيب
بلال عبد الكريم قاسم
لينا فراس محمد القضاة
عبد الله نبيل سالم الرفاعي
فرح عبد الناصر حسين
خالد ابراهيم موسى الشريف
ربى جمال عيسى الطراونة
يزن عماد احمد المجالي
تسنيم وليد ابراهيم العزام
احمد خالد محمود الزعبي
دعاء سليمان محمد الرواشدة
حمزة عادل عوض الحياري
شيماء زياد محمود السعود
ليث مروان احمد المعايطة
سارة عبد الرحمن حسن
معاذ فايز عودة الشوبكي
آلاء رائد حسن الخوالدة
محمد سامي عبد الرزاق
محمد احمد عبد الله العمري
ياسين علي مصطفى العبادي
نور خليل ابراهيم العتوم
قصي منذر خليل الدعجة
بيان نضال عبد الهادي
عمر يوسف علي الحوراني
ايمان حسين صالح المومني
مصعب هاني سعيد الزيود
روان باسم يوسف الكساسبة
حسام بسام علي الفقهاء
هبة محمود احمد النعيمات
انس ماجد عبد الله بني هاني
اسراء طارق علي الحجايا
اسامة غازي محمد الشديفات
رنا محمد سالم الخطيب
بلال عبد الكريم قاسم
لينا فراس محمد القضاة
عبد الله نبيل سالم الرفاعي
فرح عبد الناصر حسين
خالد ابراهيم موسى الشريف
ربى جمال عيسى الطراونة
يزن عماد احمد المجالي
تسنيم وليد ابراهيم العزام
احمد خالد محمود الزعبي
دعاء سليمان محمد الرواشدة
حمزة عادل عوض الحياري
شيماء زياد محمود السعود
ليث مروان احمد المعايطة
سارة عبد الرحمن حسن
نور خليل ابراهيم العتوم
قصي منذر خليل الدعجة
بيان نضال عبد الهادي
عمر يوسف علي الحوراني
ايمان حسين صالح المومني
مصعب هاني سعيد الزيود
روان باسم يوسف الكساسبة
حسام بسام علي الفقهاء
هبة محمود احمد النعيمات
انس ماجد عبد الله بني هاني
اسراء طارق علي الحجايا
اسامة غازي محمد الشديفات
رنا محمد سالم الخطيب
بلال عبد الكريم قاسم
لينا فراس محمد القضاة
عبد الله نبيل سالم الرفاعي
فرح عبد الناصر حسين
خالد ابراهيم موسى الشريف
ربى جمال عيسى الطراونة
يزن عماد احمد المجالي
تسنيم وليد ابراهيم العزام
احمد خالد محمود الزعبي
دعاء سليمان محمد الرواشدة
حمزة عادل عوض الحياري
شيماء زياد محمود السعود
ليث مروان احمد المعايطة
سارة عبد الرحمن حسن
معاذ فايز عودة الشوبكي
آلاء رائد حسن الخوالدة
محمد سامي عبد الرزاق
محمد احمد عبد الله العمري
ياسين علي مصطفى العبادي
نور خليل ابراهيم العتوم
قصي منذر خليل الدعجة
بيان نضال عبد الهادي
عمر يوسف علي الحوراني
ايمان حسين صالح المومني
مصعب هاني سعيد الزيود
روان باسم يوسف الكساسبة
حسام بسام علي الفقهاء
هبة محمود احمد النعيمات
انس ماجد عبد الله بني هاني
اسراء طارق علي الحجايا
اسامة غازي محمد الشديفات
رنا محمد سالم الخطيب
بلال عبد الكريم قاسم
لينا فراس محمد القضاة
عبد الله نبيل سالم الرفاعي
فرح عبد الناصر حسين
خالد ابراهيم موسى الشريف
ربى جمال عيسى الطراونة
يزن عماد احمد المجالي
تسنيم وليد ابراهيم العزام
احمد خالد محمود الزعبي
دعاء سليمان محمد الرواشدة
حمزة عادل عوض الحياري
شيماء زياد محمود السعود
ليث مروان احمد المعايطة
سارة عبد الرحمن حسن
معاذ فايز عودة الشوبكي
آلاء رائد حسن الخوالدة
محمد سامي عبد الرزاق
محمد احمد عبد الله العمري
ياسين علي مصطفى العبادي
نور خليل ابراهيم العتوم
قصي منذر خليل الدعجة
بيان نضال عبد الهادي
عمر يوسف علي الحوراني
انس ماجد عبد الله بني هاني
اسراء طارق علي الحجايا
اسامة غازي محمد الشديفات
رنا محمد سالم الخطيب
بلال عبد الكريم قاسم
لينا فراس محمد القضاة
عبد الله نبيل سالم الرفاعي
فرح عبد الناصر حسين
خالد ابراهيم موسى الشريف
ربى جمال عيسى الطراونة
يزن عماد احمد المجالي
تسنيم وليد ابراهيم العزام
احمد خالد محمود الزعبي
دعاء سليمان محمد الرواشدة
حمزة عادل عوض الحياري
شيماء زياد محمود السعود
ليث مروان احمد المعايطة
سارة عبد الرحمن حسن
معاذ فايز عودة الشوبكي
آلاء رائد حسن الخوالدة
محمد سامي عبد الرزاق
محمد احمد عبد الله العمري
ياسين علي مصطفى العبادي
نور خليل ابراهيم العتوم
قصي منذر خليل الدعجة
بيان نضال عبد الهادي
عمر يوسف علي الحوراني
ايمان حسين صالح المومني
مصعب هاني سعيد الزيود
روان باسم يوسف الكساسبة
حسام بسام علي الفقهاء
هبة محمود احمد النعيمات
انس ماجد عبد الله بني هاني
اسراء طارق علي الحجايا
اسامة غازي محمد الشديفات
رنا محمد سالم الخطيب
بلال عبد الكريم قاسم
لينا فراس محمد القضاة
عبد الله نبيل سالم الرفاعي
فرح عبد الناصر حسين
خالد ابراهيم موسى الشريف
ربى جمال عيسى الطراونة
يزن عماد احمد المجالي
تسنيم وليد ابراهيم العزام
احمد خالد محمود الزعبي
دعاء سليمان محمد الرواشدة
حمزة عادل عوض الحياري
شيماء زياد محمود السعود
ليث مروان احمد المعايطة
سارة عبد الرحمن حسن
معاذ فايز عودة الشوبكي
آلاء رائد حسن الخوالدة
محمد سامي عبد الرزاق
محمد احمد عبد الله العمري
ياسين علي مصطفى العبادي
نور خليل ابراهيم العتوم
قصي منذر خليل الدعجة
بيان نضال عبد الهادي
عمر يوسف علي الحوراني
ايمان حسين صالح المومني
مصعب هاني سعيد الزيود
روان باسم يوسف الكساسبة
حسام بسام علي الفقهاء
هبة محمود احمد النعيمات
انس ماجد عبد الله بني هاني
اسراء طارق علي الحجايا
اسامة غازي محمد الشديفات
رنا محمد سالم الخطيب
ربى جمال عيسى الطراونة
يزن عماد احمد المجالي
تسنيم وليد ابراهيم العزام
احمد خالد محمود الزعبي
دعاء سليمان محمد الرواشدة
حمزة عادل عوض الحياري
شيماء زياد محمود السعود
ليث مروان احمد المعايطة
سارة عبد الرحمن حسن
معاذ فايز عودة الشوبكي
آلاء رائد حسن الخوالدة
محمد سامي عبد الرزاق
محمد احمد عبد الله العمري
ياسين علي مصطفى العبادي
نور خليل ابراهيم العتوم
قصي منذر خليل الدعجة
بيان نضال عبد الهادي
عمر يوسف علي الحوراني
ايمان حسين صالح المومني
مصعب هاني سعيد الزيود
روان باسم يوسف الكساسبة
حسام بسام علي الفقهاء
هبة محمود احمد النعيمات
انس ماجد عبد الله بني هاني
اسراء طارق علي الحجايا
اسامة غازي محمد الشديفات
رنا محمد سالم الخطيب
بلال عبد الكريم قاسم
لينا فراس محمد القضاة
عبد الله نبيل سالم الرفاعي
فرح عبد الناصر حسين
خالد ابراهيم موسى الشريف
ربى جمال عيسى الطراونة
يزن عماد احمد المجالي
تسنيم وليد ابراهيم العزام
احمد خالد محمود الزعبي
دعاء سليمان محمد الرواشدة
حمزة عادل عوض الحياري
شيماء زياد محمود السعود
ليث مروان احمد المعايطة
سارة عبد الرحمن حسن
معاذ فايز عودة الشوبكي
آلاء رائد حسن الخوالدة
محمد سامي عبد الرزاق
محمد احمد عبد الله العمري
ياسين علي مصطفى العبادي
نور خليل ابراهيم العتوم
قصي منذر خليل الدعجة
بيان نضال عبد الهادي
عمر يوسف علي الحوراني
ايمان حسين صالح المومني
مصعب هاني سعيد الزيود
روان باسم يوسف الكساسبة
حسام بسام علي الفقهاء
هبة محمود احمد النعيمات
انس ماجد عبد الله بني هاني
اسراء طارق علي الحجايا
اسامة غازي محمد الشديفات
رنا محمد سالم الخطيب
بلال عبد الكريم قاسم
لينا فراس محمد القضاة
عبد الله نبيل سالم الرفاعي
فرح عبد الناصر حسين
خالد ابراهيم موسى الشريف
ربى جمال عيسى الطراونة
يزن عماد احمد المجالي
تسنيم وليد ابراهيم العزام
احمد خالد محمود الزعبي
معاذ فايز عودة الشوبكي
آلاء رائد حسن الخوالدة
محمد سامي عبد الرزاق
محمد احمد عبد الله العمري
ياسين علي مصطفى العبادي
نور خليل ابراهيم العتوم
قصي منذر خليل الدعجة
بيان نضال عبد الهادي
عمر يوسف علي الحوراني
ايمان حسين صالح المومني
مصعب هاني سعيد الزيود
روان باسم يوسف الكساسبة
حسام بسام علي الفقهاء
هبة محمود احمد النعيمات
انس ماجد عبد الله بني هاني
اسراء طارق علي الحجايا
اسامة غازي محمد الشديفات
رنا محمد سالم الخطيب
بلال عبد الكريم قاسم
لينا فراس محمد القضاة
عبد الله نبيل سالم الرفاعي
فرح عبد الناصر حسين
خالد ابراهيم موسى الشريف
ربى جمال عيسى الطراونة
يزن عماد احمد المجالي
تسنيم وليد ابراهيم العزام
احمد خالد محمود الزعبي
دعاء سليمان محمد الرواشدة
حمزة عادل عوض الحياري
شيماء زياد محمود السعود
ليث مروان احمد المعايطة
سارة عبد الرحمن حسن
معاذ فايز عودة الشوبكي
آلاء رائد حسن الخوالدة
محمد سامي عبد الرزاق
محمد احمد عبد الله العمري
ياسين علي مصطفى العبادي
نور خليل ابراهيم العتوم
قصي منذر خليل الدعجة
بيان نضال عبد الهادي
عمر يوسف علي الحوراني
ايمان حسين صالح المومني
مصعب هاني سعيد الزيود
روان باسم يوسف الكساسبة
حسام بسام علي الفقهاء
هبة محمود احمد النعيمات
انس ماجد عبد الله بني هاني
اسراء طارق علي الحجايا
اسامة غازي محمد الشديفات
رنا محمد سالم الخطيب
بلال عبد الكريم قاسم
لينا فراس محمد القضاة
عبد الله نبيل سالم الرفاعي
فرح عبد الناصر حسين
خالد ابراهيم موسى الشريف
ربى جمال عيسى الطراونة
يزن عماد احمد المجالي
تسنيم وليد ابراهيم العزام
احمد خالد محمود الزعبي
دعاء سليمان محمد الرواشدة
حمزة عادل عوض الحياري
شيماء زياد محمود السعود
ليث مروان احمد المعايطة
سارة عبد الرحمن حسن
معاذ فايز عودة الشوبكي
آلاء رائد حسن الخوالدة
محمد سامي عبد الرزاق
محمد احمد عبد الله العمري
ايمان حسين صالح المومني
مصعب هاني سعيد الزيود
روان باسم يوسف الكساسبة
حسام بسام علي الفقهاء
هبة محمود احمد النعيمات
انس ماجد عبد الله بني هاني
اسراء طارق علي الحجايا
اسامة غازي محمد الشديفات
رنا محمد سالم الخطيب
بلال عبد الكريم قاسم
لينا فراس محمد القضاة
عبد الله نبيل سالم الرفاعي
فرح عبد الناصر حسين
خالد ابراهيم موسى الشريف
ربى جمال عيسى الطراونة
يزن عماد احمد المجالي
تسنيم وليد ابراهيم العزام
احمد خالد محمود الزعبي
دعاء سليمان محمد الرواشدة
حمزة عادل عوض الحياري
شيماء زياد محمود السعود
ليث مروان احمد المعايطة
سارة عبد الرحمن حسن
معاذ فايز عودة الشوبكي
آلاء رائد حسن الخوالدة
محمد سامي عبد الرزاق
محمد احمد عبد الله العمري
ياسين علي مصطفى العبادي
نور خليل ابراهيم العتوم
قصي منذر خليل الدعجة
بيان نضال عبد الهادي
عمر يوسف علي الحوراني
ايمان حسين صالح المومني
مصعب هاني سعيد الزيود
روان باسم يوسف الكساسبة
حسام بسام علي الفقهاء
هبة محمود احمد النعيمات
انس ماجد عبد الله بني هاني
اسراء طارق علي الحجايا
اسامة غازي محمد الشديفات
رنا محمد سالم الخطيب
بلال عبد الكريم قاسم
لينا فراس محمد القضاة
عبد الله نبيل سالم الرفاعي
فرح عبد الناصر حسين
خالد ابراهيم موسى الشريف
ربى جمال عيسى الطراونة
يزن عماد احمد المجالي
تسنيم وليد ابراهيم العزام
احمد خالد محمود الزعبي
دعاء سليمان محمد الرواشدة
حمزة عادل عوض الحياري
شيماء زياد محمود السعود
ليث مروان احمد المعايطة
سارة عبد الرحمن حسن
معاذ فايز عودة الشوبكي
آلاء رائد حسن الخوالدة
محمد سامي عبد الرزاق
محمد احمد عبد الله العمري
ياسين علي مصطفى العبادي
نور خليل ابراهيم العتوم
قصي منذر خليل الدعجة
بيان نضال عبد الهادي
عمر يوسف علي الحوراني
ايمان حسين صالح المومني
مصعب هاني سعيد الزيود
روان باسم يوسف الكساسبة
حسام بسام علي الفقهاء
محافظة اربد / لواء الكورة
بلال عبد الكريم قاسم
لينا فراس محمد القضاة
عبد الله نبيل سالم الرفاعي
فرح عبد الناصر حسين
خالد ابراهيم موسى الشريف
ربى جمال عيسى الطراونة
يزن عماد احمد المجالي
تسنيم وليد ابراهيم العزام
احمد خالد محمود الزعبي
دعاء سليمان محمد الرواشدة
حمزة عادل عوض الحياري
شيماء زياد محمود السعود
ليث مروان احمد المعايطة
سارة عبد الرحمن حسن
معاذ فايز عودة الشوبكي
آلاء رائد حسن الخوالدة
محمد سامي عبد الرزاق
محافظة جرش / لواء قصبة جرش
محمد احمد عبد الله العمري
ياسين علي مصطفى العبادي
نور خليل ابراهيم العتوم
قصي منذر خليل الدعجة
بيان نضال عبد الهادي
عمر يوسف علي الحوراني
ايمان حسين صالح المومني
مصعب هاني سعيد الزيود
روان باسم يوسف الكساسبة
حسام بسام علي الفقهاء
هبة محمود احمد النعيمات
انس ماجد عبد الله بني هاني
اسراء طارق علي الحجايا
اسامة غازي محمد الشديفات
رنا محمد سالم الخطيب
بلال عبد الكريم قاسم
لينا فراس محمد القضاة
عبد الله نبيل سالم الرفاعي
فرح عبد الناصر حسين
خالد ابراهيم موسى الشريف
ربى جمال عيسى الطراونة
يزن عماد احمد المجالي
تسنيم وليد ابراهيم العزام
احمد خالد محمود الزعبي
دعاء سليمان محمد الرواشدة
حمزة عادل عوض الحياري
شيماء زياد محمود السعود
ليث مروان احمد المعايطة
سارة عبد الرحمن حسن
معاذ فايز عودة الشوبكي
آلاء رائد حسن الخوالدة
محمد سامي عبد الرزاق
محمد احمد عبد الله العمري
ياسين علي مصطفى العبادي
نور خليل ابراهيم العتوم
قصي منذر خليل الدعجة
بيان نضال عبد الهادي
عمر يوسف علي الحوراني
ايمان حسين صالح المومني
مصعب هاني سعيد الزيود
روان باسم يوسف الكساسبة
حسام بسام علي الفقهاء
هبة محمود احمد النعيمات
انس ماجد عبد الله بني هاني
اسراء طارق علي الحجايا
